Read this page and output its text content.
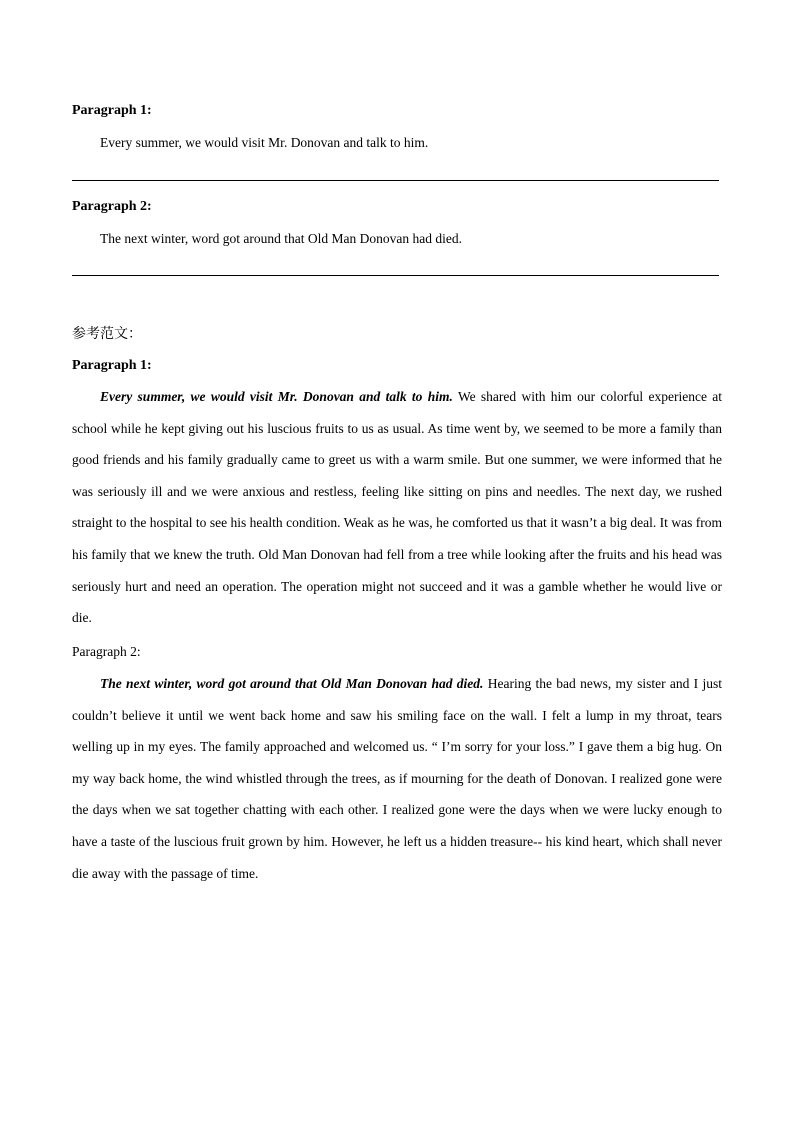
Paragraph 1:
Every summer, we would visit Mr. Donovan and talk to him.
Paragraph 2:
The next winter, word got around that Old Man Donovan had died.
参考范文：
Paragraph 1:

Every summer, we would visit Mr. Donovan and talk to him. We shared with him our colorful experience at school while he kept giving out his luscious fruits to us as usual. As time went by, we seemed to be more a family than good friends and his family gradually came to greet us with a warm smile. But one summer, we were informed that he was seriously ill and we were anxious and restless, feeling like sitting on pins and needles. The next day, we rushed straight to the hospital to see his health condition. Weak as he was, he comforted us that it wasn’t a big deal. It was from his family that we knew the truth. Old Man Donovan had fell from a tree while looking after the fruits and his head was seriously hurt and need an operation. The operation might not succeed and it was a gamble whether he would live or die.

Paragraph 2:

The next winter, word got around that Old Man Donovan had died. Hearing the bad news, my sister and I just couldn’t believe it until we went back home and saw his smiling face on the wall. I felt a lump in my throat, tears welling up in my eyes. The family approached and welcomed us. “ I’m sorry for your loss.” I gave them a big hug. On my way back home, the wind whistled through the trees, as if mourning for the death of Donovan. I realized gone were the days when we sat together chatting with each other. I realized gone were the days when we were lucky enough to have a taste of the luscious fruit grown by him. However, he left us a hidden treasure-- his kind heart, which shall never die away with the passage of time.
